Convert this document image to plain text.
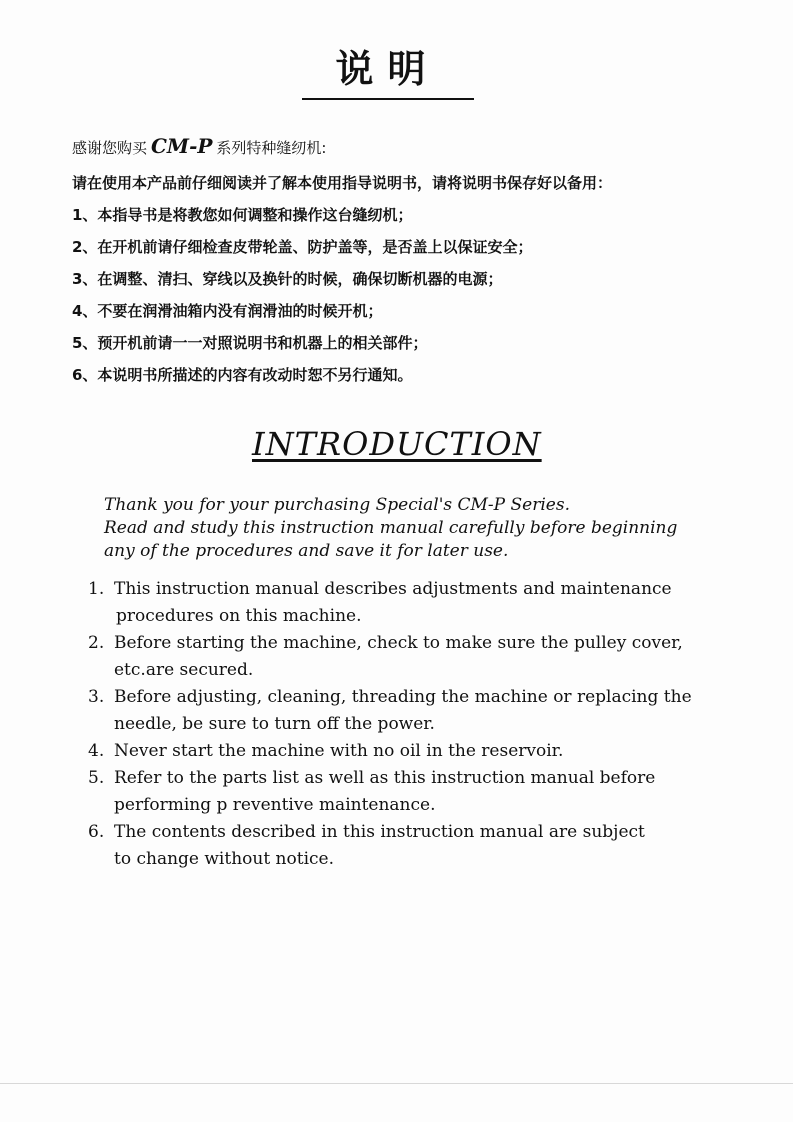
说明
感谢您购买 CM-P 系列特种缝纫机:
请在使用本产品前仔细阅读并了解本使用指导说明书，请将说明书保存好以备用：
1、本指导书是将教您如何调整和操作这台缝纫机；
2、在开机前请仔细检查皮带轮盖、防护盖等，是否盖上以保证安全；
3、在调整、清扫、穿线以及换针的时候，确保切断机器的电源；
4、不要在润滑油箱内没有润滑油的时候开机；
5、预开机前请一一对照说明书和机器上的相关部件；
6、本说明书所描述的内容有改动时恕不另行通知。
INTRODUCTION
Thank you for your purchasing Special's CM-P Series.
Read and study this instruction manual carefully before beginning
any of the procedures and save it for later use.
1. This instruction manual describes adjustments and maintenance
procedures on this machine.
2. Before starting the machine, check to make sure the pulley cover,
etc.are secured.
3. Before adjusting, cleaning, threading the machine or replacing the
needle, be sure to turn off the power.
4. Never start the machine with no oil in the reservoir.
5. Refer to the parts list as well as this instruction manual before
performing p reventive maintenance.
6. The contents described in this instruction manual are subject
to change without notice.
